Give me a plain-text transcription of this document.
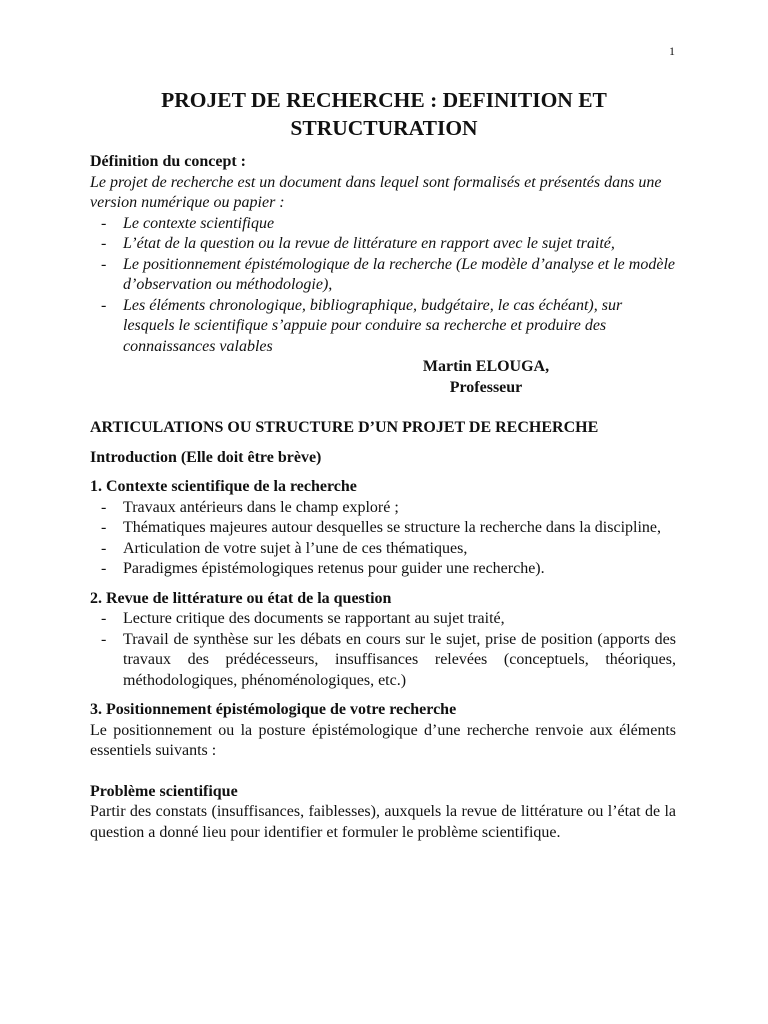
1
PROJET DE RECHERCHE : DEFINITION ET STRUCTURATION
Définition du concept :
Le projet de recherche est un document dans lequel sont formalisés et présentés dans une version numérique ou papier :
- Le contexte scientifique
- L’état de la question ou la revue de littérature en rapport avec le sujet traité,
- Le positionnement épistémologique de la recherche (Le modèle d’analyse et le modèle d’observation ou méthodologie),
- Les éléments chronologique, bibliographique, budgétaire, le cas échéant), sur lesquels le scientifique s’appuie pour conduire sa recherche et produire des connaissances valables
Martin ELOUGA,
Professeur
ARTICULATIONS OU STRUCTURE D’UN PROJET DE RECHERCHE
Introduction (Elle doit être brève)
1. Contexte scientifique de la recherche
- Travaux antérieurs dans le champ exploré ;
- Thématiques majeures autour desquelles se structure la recherche dans la discipline,
- Articulation de votre sujet à l’une de ces thématiques,
- Paradigmes épistémologiques retenus pour guider une recherche).
2. Revue de littérature ou état de la question
- Lecture critique des documents se rapportant au sujet traité,
- Travail de synthèse sur les débats en cours sur le sujet, prise de position (apports des travaux des prédécesseurs, insuffisances relevées (conceptuels, théoriques, méthodologiques, phénoménologiques, etc.)
3. Positionnement épistémologique de votre recherche
Le positionnement ou la posture épistémologique d’une recherche renvoie aux éléments essentiels suivants :
Problème scientifique
Partir des constats (insuffisances, faiblesses), auxquels la revue de littérature ou l’état de la question a donné lieu pour identifier et formuler le problème scientifique.
